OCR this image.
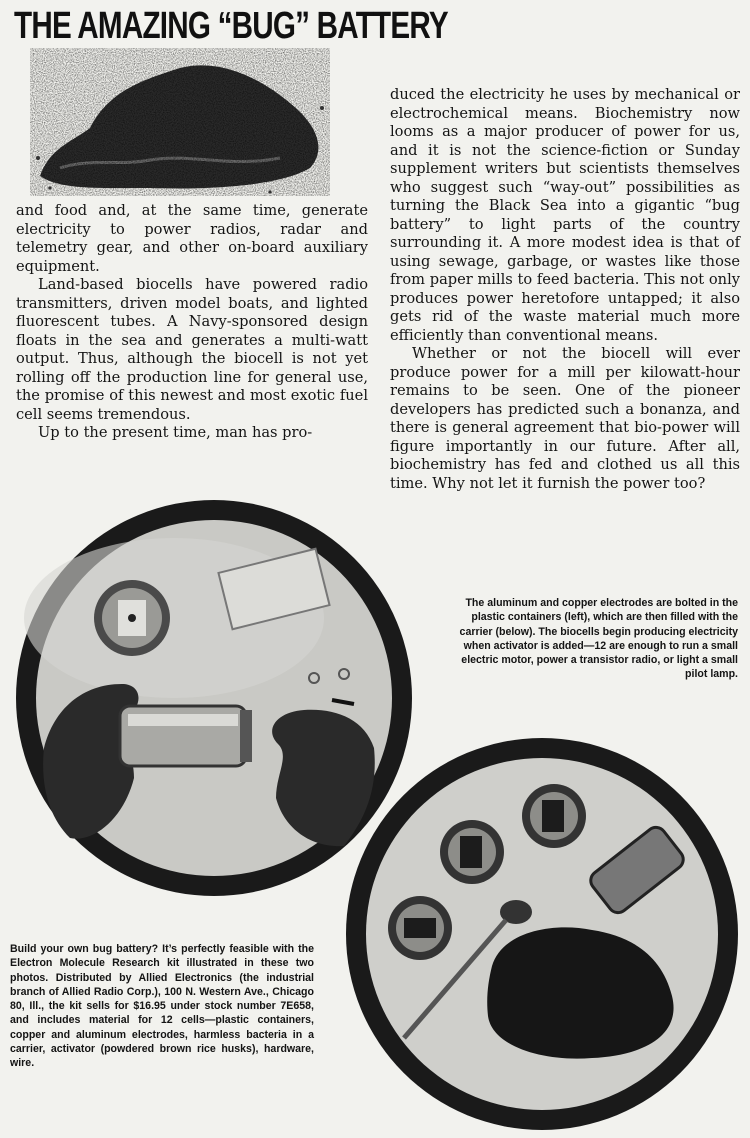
THE AMAZING “BUG” BATTERY

and food and, at the same time, generate electricity to power radios, radar and telemetry gear, and other on-board auxiliary equipment.

Land-based biocells have powered radio transmitters, driven model boats, and lighted fluorescent tubes. A Navy-sponsored design floats in the sea and generates a multi-watt output. Thus, although the biocell is not yet rolling off the production line for general use, the promise of this newest and most exotic fuel cell seems tremendous.

Up to the present time, man has pro-

duced the electricity he uses by mechanical or electrochemical means. Biochemistry now looms as a major producer of power for us, and it is not the science-fiction or Sunday supplement writers but scientists themselves who suggest such “way-out” possibilities as turning the Black Sea into a gigantic “bug battery” to light parts of the country surrounding it. A more modest idea is that of using sewage, garbage, or wastes like those from paper mills to feed bacteria. This not only produces power heretofore untapped; it also gets rid of the waste material much more efficiently than conventional means.

Whether or not the biocell will ever produce power for a mill per kilowatt-hour remains to be seen. One of the pioneer developers has predicted such a bonanza, and there is general agreement that bio-power will figure importantly in our future. After all, biochemistry has fed and clothed us all this time. Why not let it furnish the power too?

The aluminum and copper electrodes are bolted in the plastic containers (left), which are then filled with the carrier (below). The biocells begin producing electricity when activator is added—12 are enough to run a small electric motor, power a transistor radio, or light a small pilot lamp.
Build your own bug battery? It’s perfectly feasible with the Electron Molecule Research kit illustrated in these two photos. Distributed by Allied Electronics (the industrial branch of Allied Radio Corp.), 100 N. Western Ave., Chicago 80, Ill., the kit sells for $16.95 under stock number 7E658, and includes material for 12 cells—plastic containers, copper and aluminum electrodes, harmless bacteria in a carrier, activator (powdered brown rice husks), hardware, wire.
